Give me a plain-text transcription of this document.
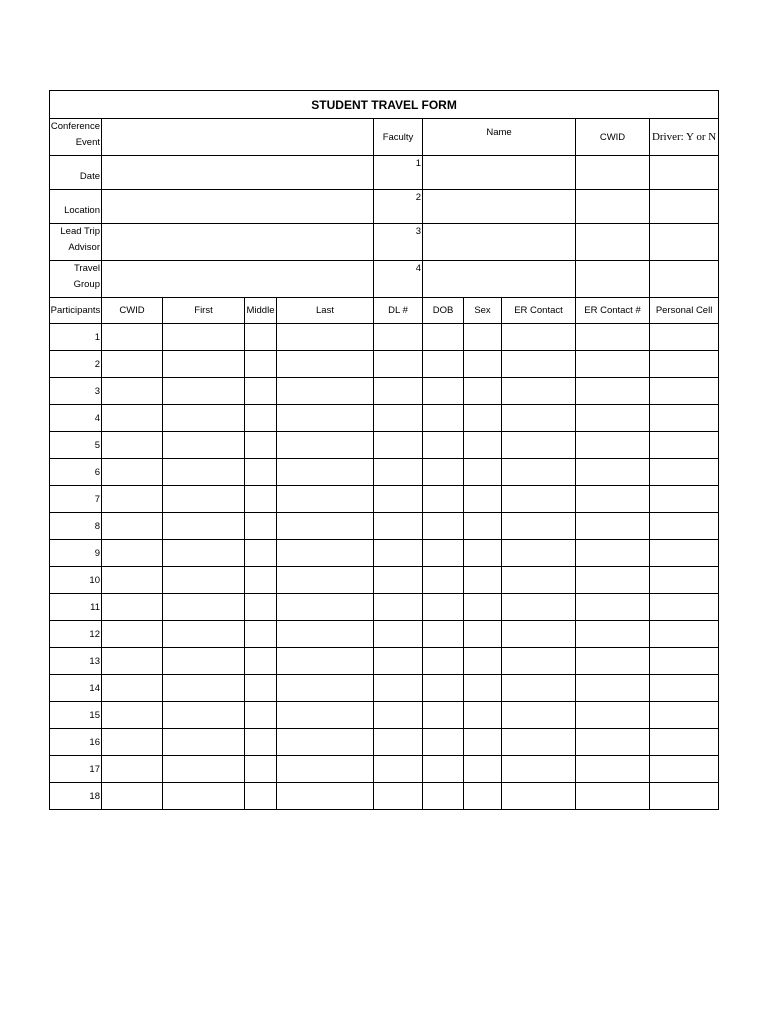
STUDENT TRAVEL FORM										
Conference
Event					Faculty	Name			CWID	Driver: Y or N
Date					1					
Location					2					
Lead Trip
Advisor					3					
Travel Group					4					
Participants	CWID	First	Middle	Last	DL #	DOB	Sex	ER Contact	ER Contact #	Personal Cell
1										
2										
3										
4										
5										
6										
7										
8										
9										
10										
11										
12										
13										
14										
15										
16										
17										
18										
